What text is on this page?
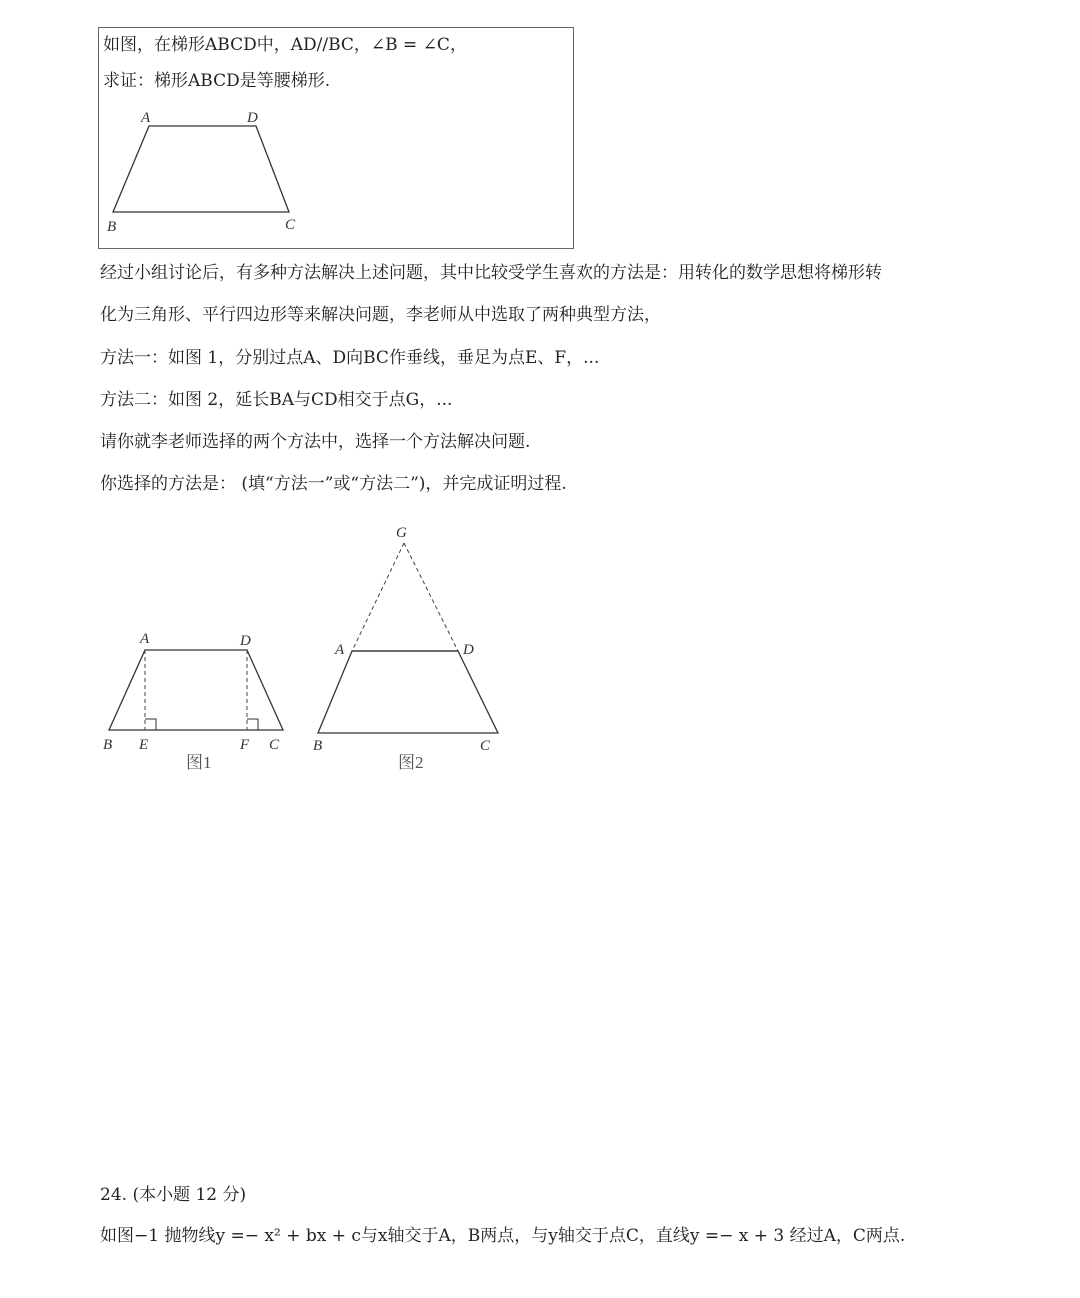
如图，在梯形ABCD中，AD//BC，∠B = ∠C，
求证：梯形ABCD是等腰梯形.
A	D
B	C
经过小组讨论后，有多种方法解决上述问题，其中比较受学生喜欢的方法是：用转化的数学思想将梯形转
化为三角形、平行四边形等来解决问题，李老师从中选取了两种典型方法，
方法一：如图 1，分别过点A、D向BC作垂线，垂足为点E、F，...
方法二：如图 2，延长BA与CD相交于点G，...
请你就李老师选择的两个方法中，选择一个方法解决问题.
你选择的方法是： (填“方法一”或“方法二”)，并完成证明过程.
A	D
B E	F C
图1
G
A	D
B	C
图2
24. (本小题 12 分)
如图−1 抛物线y =− x² + bx + c与x轴交于A，B两点，与y轴交于点C，直线y =− x + 3 经过A，C两点.
